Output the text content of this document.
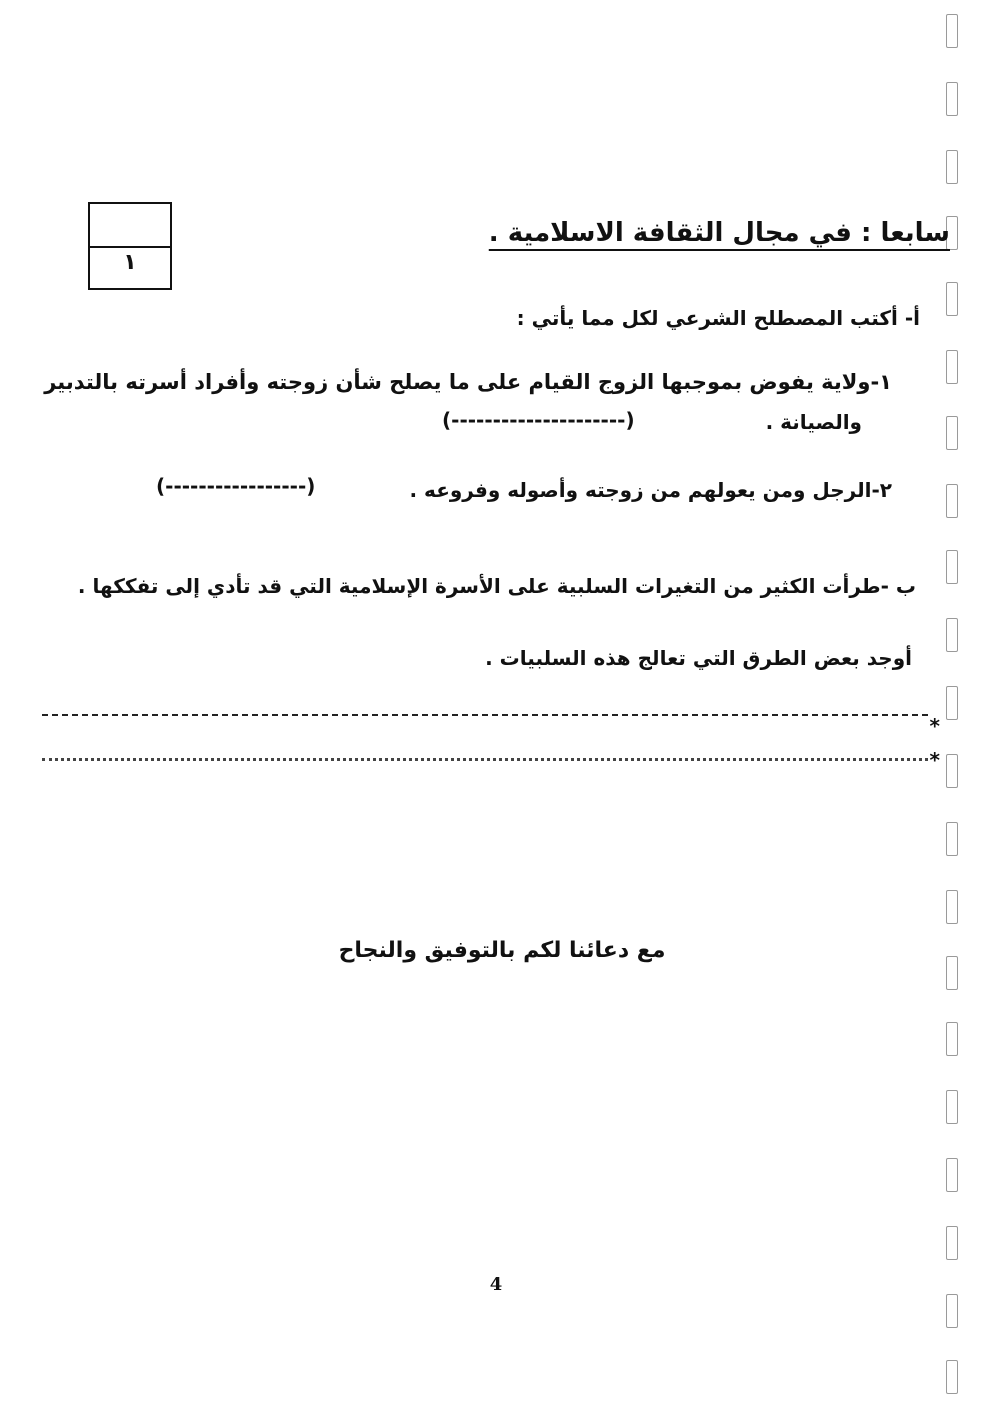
١
سابعا : في مجال الثقافة الاسلامية .
أ- أكتب المصطلح الشرعي لكل مما يأتي :
١-ولاية يفوض بموجبها الزوج القيام على ما يصلح شأن زوجته وأفراد أسرته بالتدبير
والصيانة .
(---------------------)
٢-الرجل ومن يعولهم من زوجته وأصوله وفروعه .
(-----------------)
ب -طرأت الكثير من التغيرات السلبية على الأسرة الإسلامية التي قد تأدي إلى تفككها .
أوجد بعض الطرق التي تعالج هذه السلبيات .
*
*
مع دعائنا لكم بالتوفيق والنجاح
4
